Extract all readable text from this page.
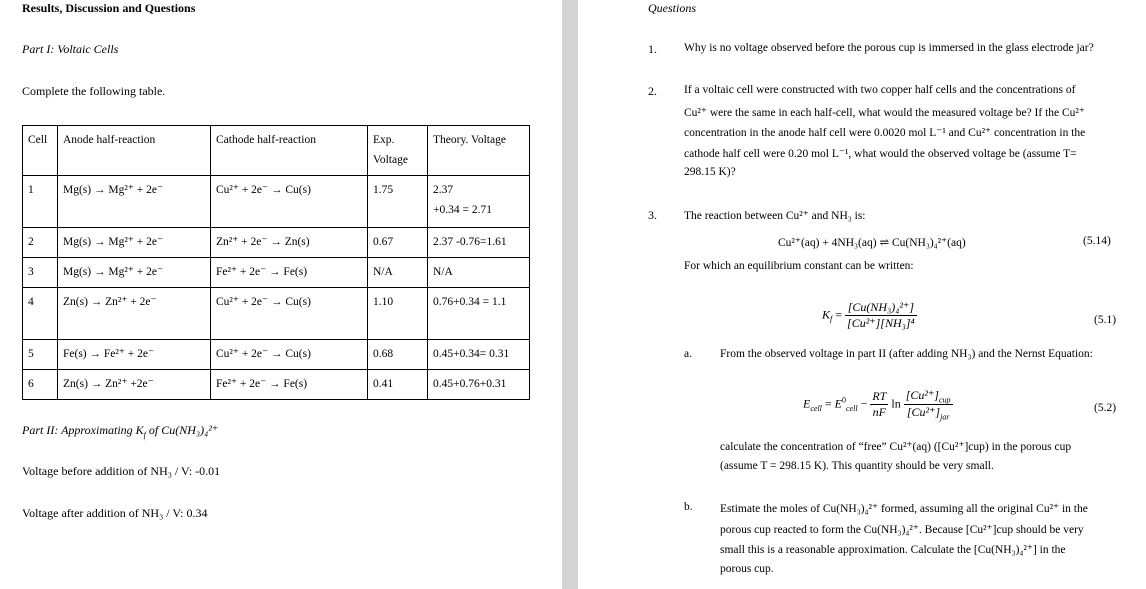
Results, Discussion and Questions
Part I: Voltaic Cells
Complete the following table.
Cell	Anode half-reaction	Cathode half-reaction	Exp. Voltage	Theory. Voltage
1	Mg(s) → Mg²⁺ + 2e⁻	Cu²⁺ + 2e⁻ → Cu(s)	1.75	2.37
+0.34 = 2.71

2	Mg(s) → Mg²⁺ + 2e⁻	Zn²⁺ + 2e⁻ → Zn(s)	0.67	2.37 -0.76=1.61
3	Mg(s) → Mg²⁺ + 2e⁻	Fe²⁺ + 2e⁻ → Fe(s)	N/A	N/A
4	Zn(s) → Zn²⁺ + 2e⁻	Cu²⁺ + 2e⁻ → Cu(s)	1.10	0.76+0.34 = 1.1
5	Fe(s) → Fe²⁺ + 2e⁻	Cu²⁺ + 2e⁻ → Cu(s)	0.68	0.45+0.34= 0.31
6	Zn(s) → Zn²⁺ +2e⁻	Fe²⁺ + 2e⁻ → Fe(s)	0.41	0.45+0.76+0.31
Part II: Approximating $K_f$ of Cu(NH₃)₄²⁺
Voltage before addition of NH₃ / V: -0.01
Voltage after addition of NH₃ / V: 0.34
Questions
1. Why is no voltage observed before the porous cup is immersed in the glass electrode jar?
2. If a voltaic cell were constructed with two copper half cells and the concentrations of
Cu²⁺ were the same in each half-cell, what would the measured voltage be? If the Cu²⁺
concentration in the anode half cell were 0.0020 mol L⁻¹ and Cu²⁺ concentration in the
cathode half cell were 0.20 mol L⁻¹, what would the observed voltage be (assume T=
298.15 K)?
3. The reaction between Cu²⁺ and NH₃ is:
Cu²⁺(aq) + 4NH₃(aq) ⇌ Cu(NH₃)₄²⁺(aq)	(5.14)
For which an equilibrium constant can be written:
$K_f = \frac{\text{[Cu(NH₃)₄²⁺]}}{\text{[Cu²⁺][NH₃]⁴}}$	(5.1)
a. From the observed voltage in part II (after adding NH₃) and the Nernst Equation:
$E_{cell} = E^0_{cell} - \frac{RT}{nF}$ $\ln \frac{[Cu^{2+}]_{cup}}{[Cu^{2+}]_{jar}}$	(5.2)
calculate the concentration of “free” Cu²⁺(aq) ([Cu²⁺]cup) in the porous cup
(assume T = 298.15 K). This quantity should be very small.
b. Estimate the moles of Cu(NH₃)₄²⁺ formed, assuming all the original Cu²⁺ in the
porous cup reacted to form the Cu(NH₃)₄²⁺. Because [Cu²⁺]cup should be very
small this is a reasonable approximation. Calculate the [Cu(NH₃)₄²⁺] in the
porous cup.
